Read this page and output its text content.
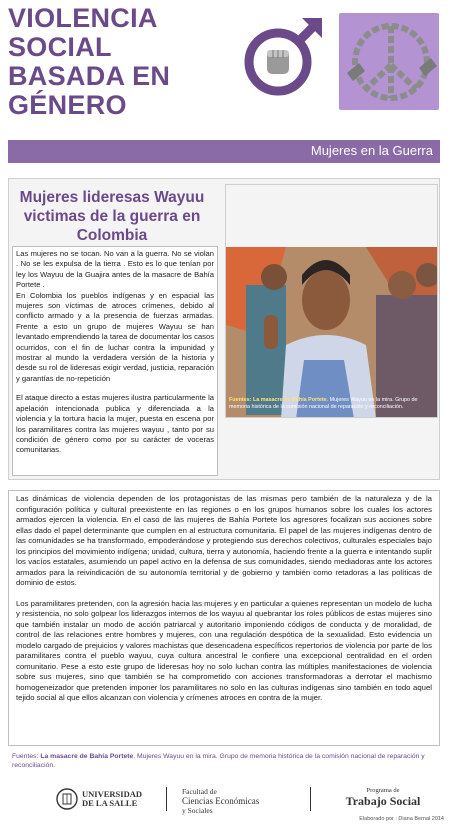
VIOLENCIA
SOCIAL
BASADA EN
GÉNERO
Mujeres en la Guerra
Mujeres lideresas Wayuu victimas de la guerra en Colombia

Las mujeres no se tocan. No van a la guerra. No se violan . No se les expulsa de la tierra . Esto es lo que tenían por ley los Wayuu de la Guajira antes de la masacre de Bahía Portete .

En Colombia los pueblos indígenas y en espacial las mujeres son víctimas de atroces crímenes, debido al conflicto armado y a la presencia de fuerzas armadas. Frente a esto un grupo de mujeres Wayuu se han levantado emprendiendo la tarea de documentar los casos ocurridos, con el fin de luchar contra la impunidad y mostrar al mundo la verdadera versión de la historia y desde su rol de lideresas exigir verdad, justicia, reparación y garantías de no-repetición

El ataque directo a estas mujeres ilustra particularmente la apelación intencionada publica y diferenciada a la violencia y la tortura hacia la mujer, puesta en escena por los paramilitares contra las mujeres wayuu , tanto por su condición de género como por su carácter de voceras comunitarias.

Fuentes: La masacre de Bahía Portete. Mujeres Wayuu en la mira. Grupo de memoria histórica de la comisión nacional de reparación y reconciliación.

Las dinámicas de violencia dependen de los protagonistas de las mismas pero también de la naturaleza y de la configuración política y cultural preexistente en las regiones o en los grupos humanos sobre los cuales los actores armados ejercen la violencia. En el caso de las mujeres de Bahía Portete los agresores focalizan sus acciones sobre ellas dado el papel determinante que cumplen en al estructura comunitaria. El papel de las mujeres indígenas dentro de las comunidades se ha transformado, empoderándose y protegiendo sus derechos colectivos, culturales especiales bajo los principios del movimiento indígena; unidad, cultura, tierra y autonomía, haciendo frente a la guerra e intentando suplir los vacíos estatales, asumiendo un papel activo en la defensa de sus comunidades, siendo mediadoras ante los actores armados para la reivindicación de su autonomía territorial y de gobierno y también como retadoras a las políticas de dominio de estos.

Los paramilitares pretenden, con la agresión hacia las mujeres y en particular a quienes representan un modelo de lucha y resistencia, no solo golpear los liderazgos internos de los wayuu al quebrantar los roles públicos de estas mujeres sino que también instalar un modo de acción patriarcal y autoritario imponiendo códigos de conducta y de moralidad, de control de las relaciones entre hombres y mujeres, con una regulación despótica de la sexualidad. Esto evidencia un modelo cargado de prejuicios y valores machistas que desencadena específicos repertorios de violencia por parte de los paramilitares contra el pueblo wayuu, cuya cultura ancestral le confiere una excepcional centralidad en el orden comunitario. Pese a esto este grupo de lideresas hoy no solo luchan contra las múltiples manifestaciones de violencia sobre sus mujeres, sino que también se ha comprometido con acciones transformadoras a derrotar el machismo homogeneizador que pretenden imponer los paramilitares no solo en las culturas indígenas sino también en todo aquel tejido social al que ellos alcanzan con violencia y crímenes atroces en contra de la mujer.

Fuentes: La masacre de Bahía Portete. Mujeres Wayuu en la mira. Grupo de memoria histórica de la comisión nacional de reparación y reconciliación.
UNIVERSIDAD
DE LA SALLE
Facultad de
Ciencias Económicas
y Sociales
Programa de
Trabajo Social
Elaborado por : Diana Bernal 2014
